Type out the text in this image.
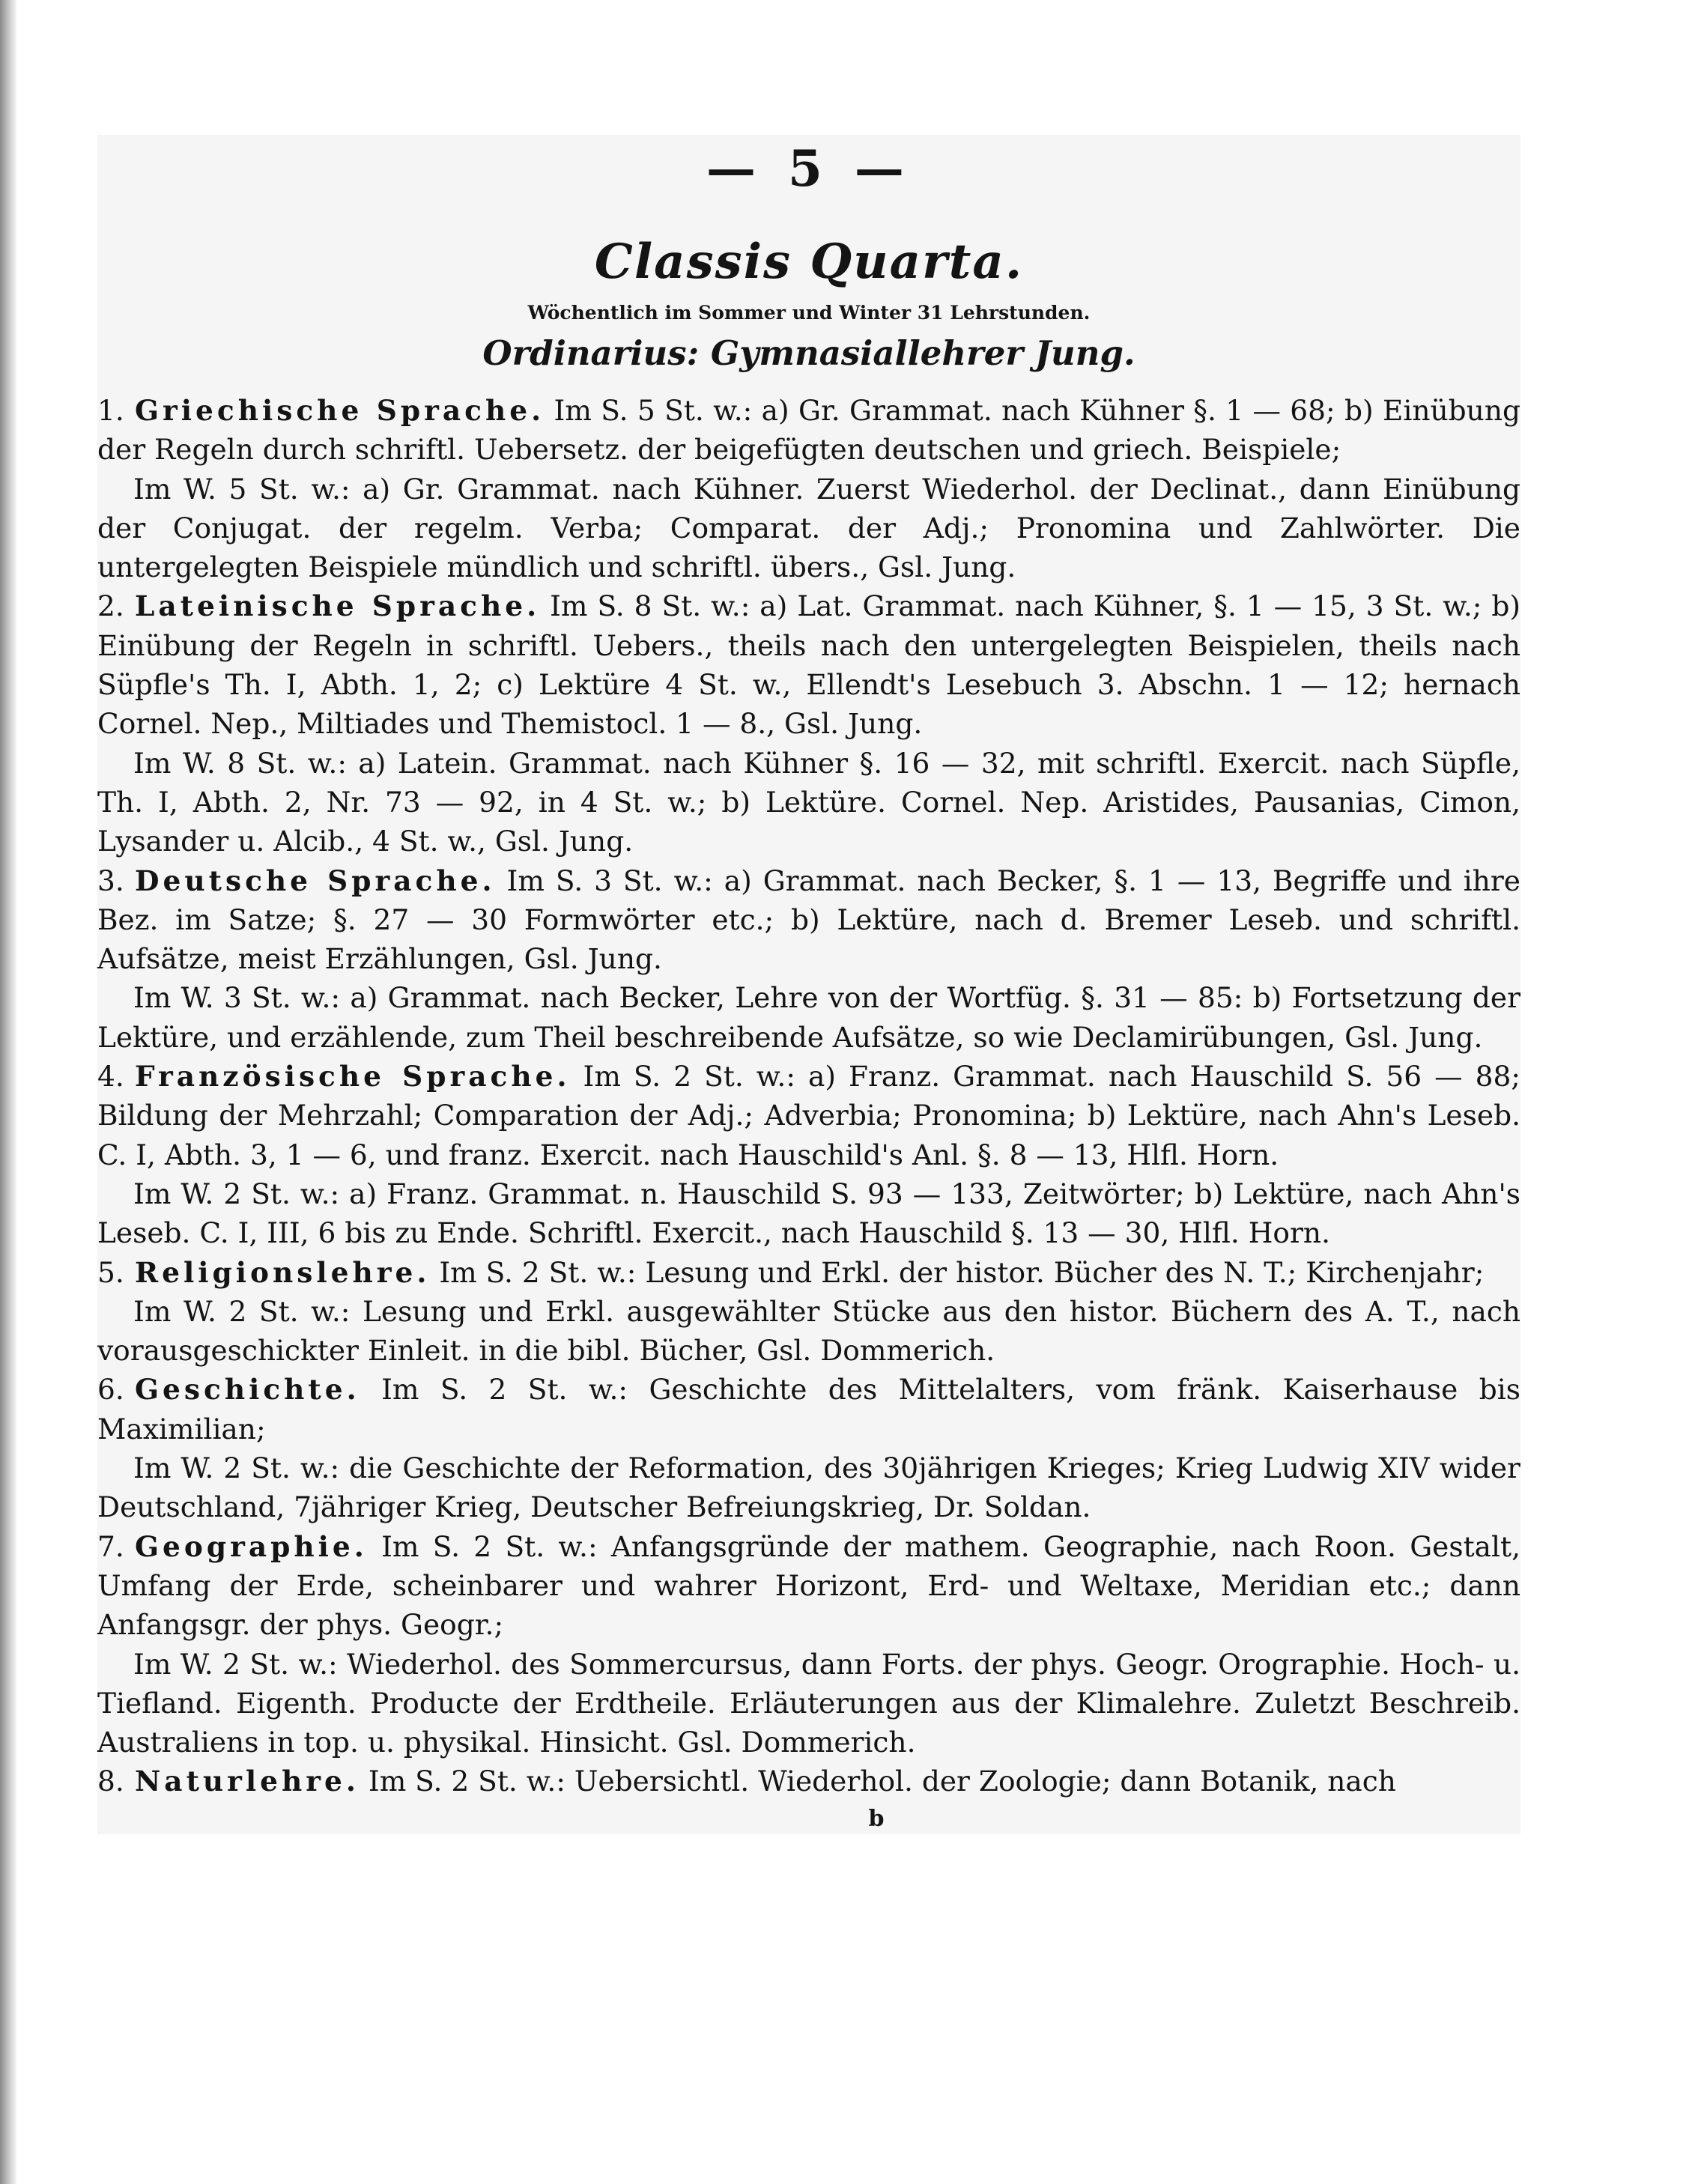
— 5 —
Classis Quarta.
Wöchentlich im Sommer und Winter 31 Lehrstunden.
Ordinarius: Gymnasiallehrer Jung.

1. Griechische Sprache. Im S. 5 St. w.: a) Gr. Grammat. nach Kühner §. 1 — 68; b) Einübung der Regeln durch schriftl. Uebersetz. der beigefügten deutschen und griech. Beispiele;

Im W. 5 St. w.: a) Gr. Grammat. nach Kühner. Zuerst Wiederhol. der Declinat., dann Einübung der Conjugat. der regelm. Verba; Comparat. der Adj.; Pronomina und Zahlwörter. Die untergelegten Beispiele mündlich und schriftl. übers., Gsl. Jung.

2. Lateinische Sprache. Im S. 8 St. w.: a) Lat. Grammat. nach Kühner, §. 1 — 15, 3 St. w.; b) Einübung der Regeln in schriftl. Uebers., theils nach den untergelegten Beispielen, theils nach Süpfle's Th. I, Abth. 1, 2; c) Lektüre 4 St. w., Ellendt's Lesebuch 3. Abschn. 1 — 12; hernach Cornel. Nep., Miltiades und Themistocl. 1 — 8., Gsl. Jung.

Im W. 8 St. w.: a) Latein. Grammat. nach Kühner §. 16 — 32, mit schriftl. Exercit. nach Süpfle, Th. I, Abth. 2, Nr. 73 — 92, in 4 St. w.; b) Lektüre. Cornel. Nep. Aristides, Pausanias, Cimon, Lysander u. Alcib., 4 St. w., Gsl. Jung.

3. Deutsche Sprache. Im S. 3 St. w.: a) Grammat. nach Becker, §. 1 — 13, Begriffe und ihre Bez. im Satze; §. 27 — 30 Formwörter etc.; b) Lektüre, nach d. Bremer Leseb. und schriftl. Aufsätze, meist Erzählungen, Gsl. Jung.

Im W. 3 St. w.: a) Grammat. nach Becker, Lehre von der Wortfüg. §. 31 — 85: b) Fortsetzung der Lektüre, und erzählende, zum Theil beschreibende Aufsätze, so wie Declamirübungen, Gsl. Jung.

4. Französische Sprache. Im S. 2 St. w.: a) Franz. Grammat. nach Hauschild S. 56 — 88; Bildung der Mehrzahl; Comparation der Adj.; Adverbia; Pronomina; b) Lektüre, nach Ahn's Leseb. C. I, Abth. 3, 1 — 6, und franz. Exercit. nach Hauschild's Anl. §. 8 — 13, Hlfl. Horn.

Im W. 2 St. w.: a) Franz. Grammat. n. Hauschild S. 93 — 133, Zeitwörter; b) Lektüre, nach Ahn's Leseb. C. I, III, 6 bis zu Ende. Schriftl. Exercit., nach Hauschild §. 13 — 30, Hlfl. Horn.

5. Religionslehre. Im S. 2 St. w.: Lesung und Erkl. der histor. Bücher des N. T.; Kirchenjahr;

Im W. 2 St. w.: Lesung und Erkl. ausgewählter Stücke aus den histor. Büchern des A. T., nach vorausgeschickter Einleit. in die bibl. Bücher, Gsl. Dommerich.

6. Geschichte. Im S. 2 St. w.: Geschichte des Mittelalters, vom fränk. Kaiserhause bis Maximilian;

Im W. 2 St. w.: die Geschichte der Reformation, des 30jährigen Krieges; Krieg Ludwig XIV wider Deutschland, 7jähriger Krieg, Deutscher Befreiungskrieg, Dr. Soldan.

7. Geographie. Im S. 2 St. w.: Anfangsgründe der mathem. Geographie, nach Roon. Gestalt, Umfang der Erde, scheinbarer und wahrer Horizont, Erd- und Weltaxe, Meridian etc.; dann Anfangsgr. der phys. Geogr.;

Im W. 2 St. w.: Wiederhol. des Sommercursus, dann Forts. der phys. Geogr. Orographie. Hoch- u. Tiefland. Eigenth. Producte der Erdtheile. Erläuterungen aus der Klimalehre. Zuletzt Beschreib. Australiens in top. u. physikal. Hinsicht. Gsl. Dommerich.

8. Naturlehre. Im S. 2 St. w.: Uebersichtl. Wiederhol. der Zoologie; dann Botanik, nach

b
